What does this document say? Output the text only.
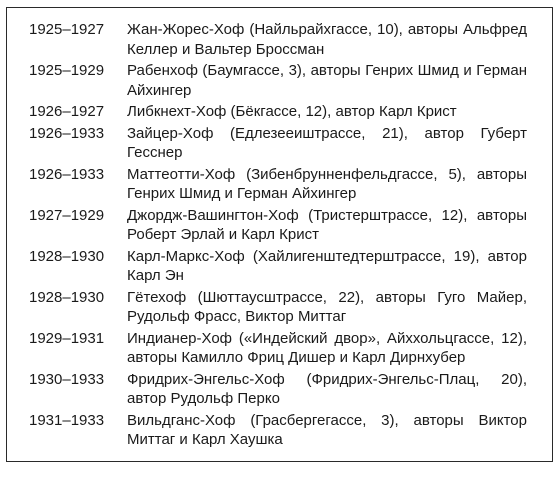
1925–1927	Жан-Жорес-Хоф (Найльрайхгассе, 10), авторы Альфред Келлер и Вальтер Броссман
1925–1929	Рабенхоф (Баумгассе, 3), авторы Генрих Шмид и Герман Айхингер
1926–1927	Либкнехт-Хоф (Бёкгассе, 12), автор Карл Крист
1926–1933	Зайцер-Хоф (Едлезееиштрассе, 21), автор Губерт Гесснер
1926–1933	Маттеотти-Хоф (Зибенбрунненфельдгассе, 5), авторы Генрих Шмид и Герман Айхингер
1927–1929	Джордж-Вашингтон-Хоф (Тристерштрассе, 12), авторы Роберт Эрлай и Карл Крист
1928–1930	Карл-Маркс-Хоф (Хайлигенштедтерштрассе, 19), автор Карл Эн
1928–1930	Гётехоф (Шюттаусштрассе, 22), авторы Гуго Майер, Рудольф Фрасс, Виктор Миттаг
1929–1931	Индианер-Хоф («Индейский двор», Айххольцгассе, 12), авторы Камилло Фриц Дишер и Карл Дирнхубер
1930–1933	Фридрих-Энгельс-Хоф (Фридрих-Энгельс-Плац, 20), автор Рудольф Перко
1931–1933	Вильдганс-Хоф (Грасбергегассе, 3), авторы Виктор Миттаг и Карл Хаушка
